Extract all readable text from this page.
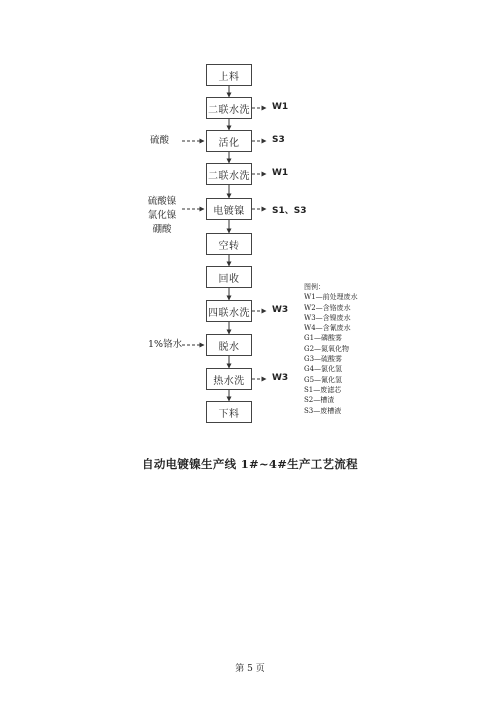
上料
二联水洗
活化
二联水洗
电镀镍
空转
回收
四联水洗
脱水
热水洗
下料
W1
S3
W1
S1、S3
W3
W3
硫酸
硫酸镍
氯化镍
硼酸
1%铬水
图例：
W1—前处理废水
W2—含铬废水
W3—含镍废水
W4—含氰废水
G1—磷酸雾
G2—氮氧化物
G3—硫酸雾
G4—氯化氢
G5—氰化氢
S1—废滤芯
S2—槽渣
S3—废槽液
自动电镀镍生产线 1#~4#生产工艺流程
第 5 页
